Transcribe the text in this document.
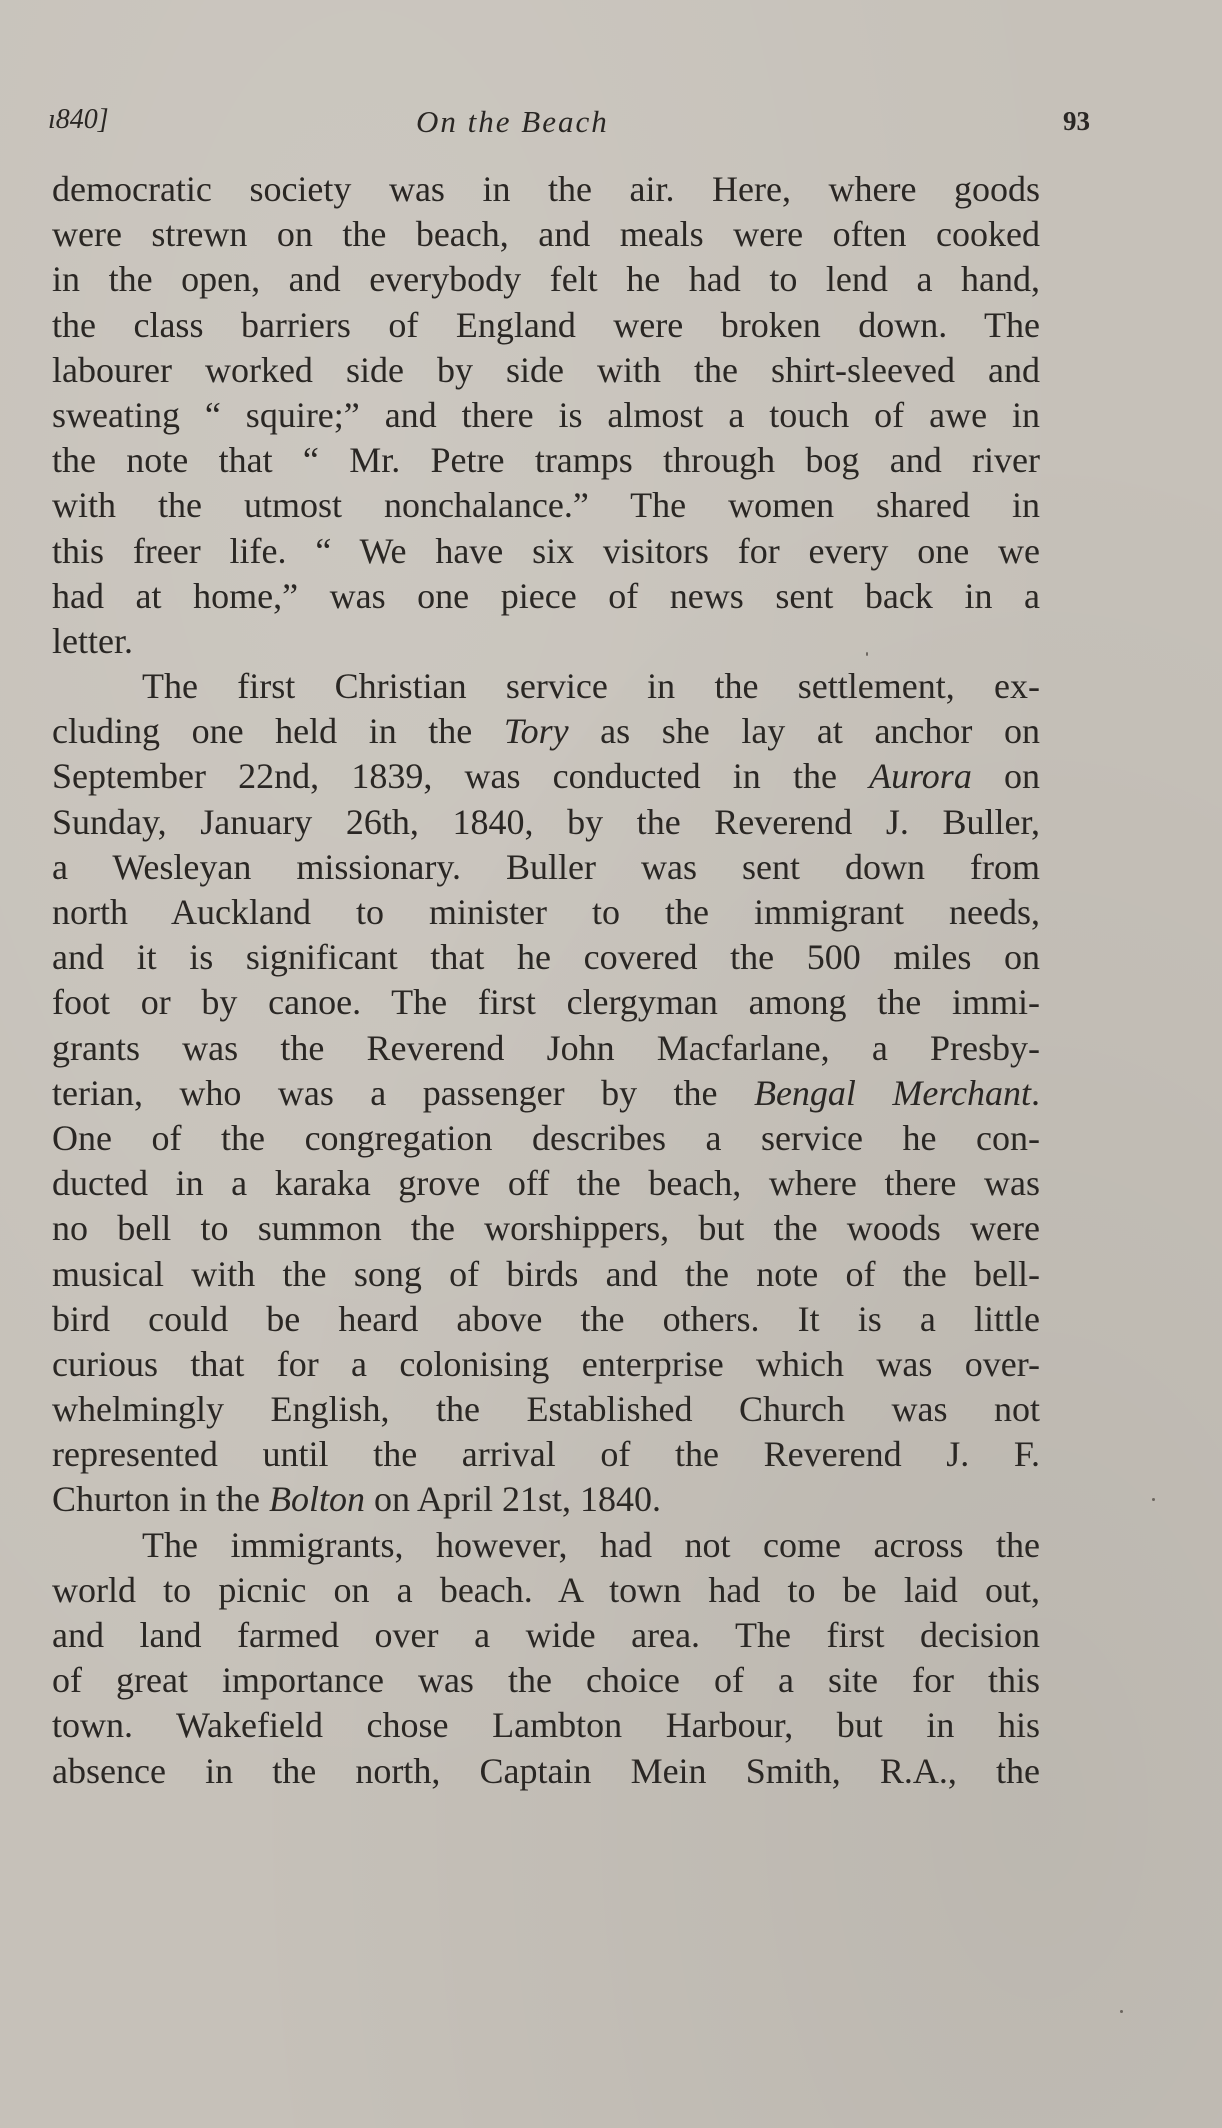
ı840]	On the Beach	93
democratic society was in the air. Here, where goods
were strewn on the beach, and meals were often cooked
in the open, and everybody felt he had to lend a hand,
the class barriers of England were broken down. The
labourer worked side by side with the shirt-sleeved and
sweating “ squire;” and there is almost a touch of awe in
the note that “ Mr. Petre tramps through bog and river
with the utmost nonchalance.” The women shared in
this freer life. “ We have six visitors for every one we
had at home,” was one piece of news sent back in a
letter.
The first Christian service in the settlement, ex-
cluding one held in the Tory as she lay at anchor on
September 22nd, 1839, was conducted in the Aurora on
Sunday, January 26th, 1840, by the Reverend J. Buller,
a Wesleyan missionary. Buller was sent down from
north Auckland to minister to the immigrant needs,
and it is significant that he covered the 500 miles on
foot or by canoe. The first clergyman among the immi-
grants was the Reverend John Macfarlane, a Presby-
terian, who was a passenger by the Bengal Merchant.
One of the congregation describes a service he con-
ducted in a karaka grove off the beach, where there was
no bell to summon the worshippers, but the woods were
musical with the song of birds and the note of the bell-
bird could be heard above the others. It is a little
curious that for a colonising enterprise which was over-
whelmingly English, the Established Church was not
represented until the arrival of the Reverend J. F.
Churton in the Bolton on April 21st, 1840.
The immigrants, however, had not come across the
world to picnic on a beach. A town had to be laid out,
and land farmed over a wide area. The first decision
of great importance was the choice of a site for this
town. Wakefield chose Lambton Harbour, but in his
absence in the north, Captain Mein Smith, R.A., the
